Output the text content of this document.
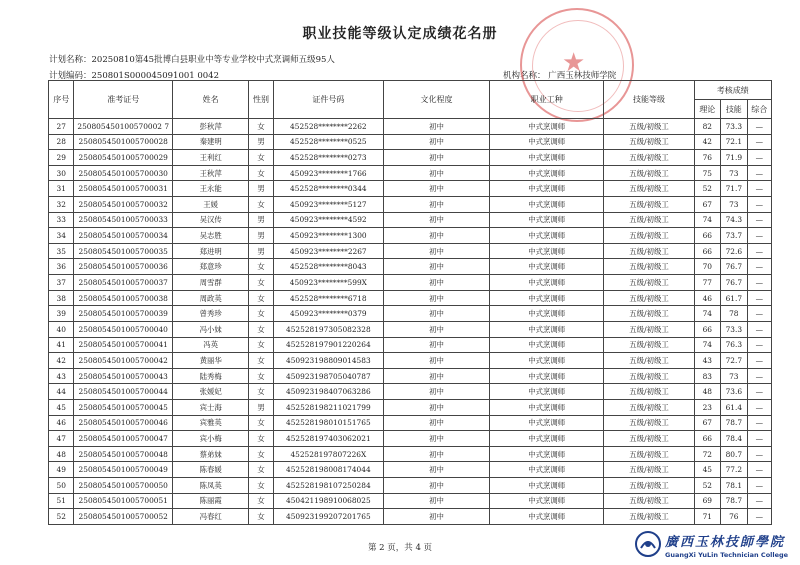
职业技能等级认定成绩花名册
计划名称：20250810第45批博白县职业中等专业学校中式烹调师五级95人
计划编码：250801S000045091001 0042	机构名称： 广西玉林技师学院
★
序号	准考证号	姓名	性别	证件号码	文化程度	职业工种	技能等级	考核成绩		
								理论	技能	综合
27	250805450100570002 7	彭秋萍	女	452528********2262	初中	中式烹调师	五级/初级工	82	73.3	—
28	2508054501005700028	秦建明	男	452528********0525	初中	中式烹调师	五级/初级工	42	72.1	—
29	2508054501005700029	王利红	女	452528********0273	初中	中式烹调师	五级/初级工	76	71.9	—
30	2508054501005700030	王秋萍	女	450923********1766	初中	中式烹调师	五级/初级工	75	73	—
31	2508054501005700031	王永能	男	452528********0344	初中	中式烹调师	五级/初级工	52	71.7	—
32	2508054501005700032	王媛	女	450923********5127	初中	中式烹调师	五级/初级工	67	73	—
33	2508054501005700033	吴汉传	男	450923********4592	初中	中式烹调师	五级/初级工	74	74.3	—
34	2508054501005700034	吴志胜	男	450923********1300	初中	中式烹调师	五级/初级工	66	73.7	—
35	2508054501005700035	郑进明	男	450923********2267	初中	中式烹调师	五级/初级工	66	72.6	—
36	2508054501005700036	郑意珍	女	452528********8043	初中	中式烹调师	五级/初级工	70	76.7	—
37	2508054501005700037	周雪群	女	450923********599X	初中	中式烹调师	五级/初级工	77	76.7	—
38	2508054501005700038	周政英	女	452528********6718	初中	中式烹调师	五级/初级工	46	61.7	—
39	2508054501005700039	曾秀珍	女	450923********0379	初中	中式烹调师	五级/初级工	74	78	—
40	2508054501005700040	冯小妹	女	452528197305082328	初中	中式烹调师	五级/初级工	66	73.3	—
41	2508054501005700041	冯英	女	452528197901220264	初中	中式烹调师	五级/初级工	74	76.3	—
42	2508054501005700042	黄丽华	女	450923198809014583	初中	中式烹调师	五级/初级工	43	72.7	—
43	2508054501005700043	陆秀梅	女	450923198705040787	初中	中式烹调师	五级/初级工	83	73	—
44	2508054501005700044	张媛妃	女	450923198407063286	初中	中式烹调师	五级/初级工	48	73.6	—
45	2508054501005700045	宾士海	男	452528198211021799	初中	中式烹调师	五级/初级工	23	61.4	—
46	2508054501005700046	宾雅英	女	452528198010151765	初中	中式烹调师	五级/初级工	67	78.7	—
47	2508054501005700047	宾小梅	女	452528197403062021	初中	中式烹调师	五级/初级工	66	78.4	—
48	2508054501005700048	蔡弟妹	女	452528197807226X	初中	中式烹调师	五级/初级工	72	80.7	—
49	2508054501005700049	陈春媛	女	452528198008174044	初中	中式烹调师	五级/初级工	45	77.2	—
50	2508054501005700050	陈凤英	女	452528198107250284	初中	中式烹调师	五级/初级工	52	78.1	—
51	2508054501005700051	陈丽霞	女	450421198910068025	初中	中式烹调师	五级/初级工	69	78.7	—
52	2508054501005700052	冯春红	女	450923199207201765	初中	中式烹调师	五级/初级工	71	76	—
第 2 页，共 4 页	廣西玉林技師學院
GuangXi YuLin Technician College
